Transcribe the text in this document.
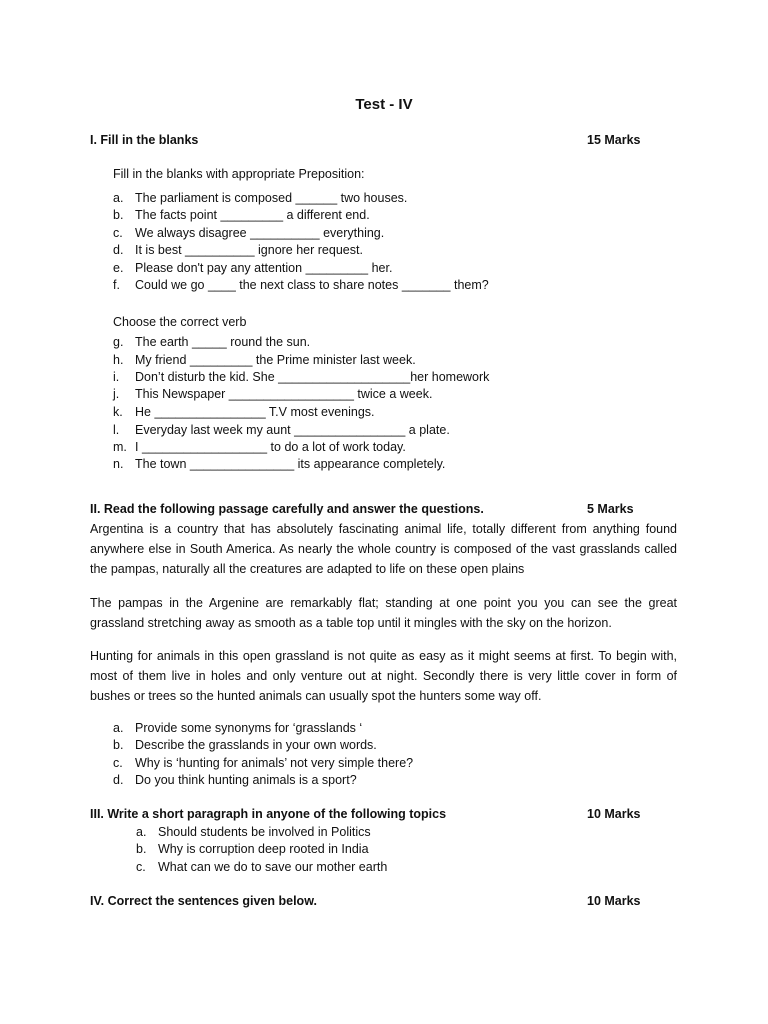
Test - IV
I. Fill in the blanks	15 Marks
Fill in the blanks with appropriate Preposition:
a. The parliament is composed ______ two houses.
b. The facts point _________ a different end.
c. We always disagree __________ everything.
d. It is best __________ ignore her request.
e. Please don't pay any attention _________ her.
f. Could we go ____ the next class to share notes _______ them?
Choose the correct verb
g. The earth _____ round the sun.
h. My friend _________ the Prime minister last week.
i. Don’t disturb the kid. She ___________________her homework
j. This Newspaper __________________ twice a week.
k. He ________________ T.V most evenings.
l. Everyday last week my aunt ________________ a plate.
m. I __________________ to do a lot of work today.
n. The town _______________ its appearance completely.
II. Read the following passage carefully and answer the questions.	5 Marks
Argentina is a country that has absolutely fascinating animal life, totally different from anything found anywhere else in South America. As nearly the whole country is composed of the vast grasslands called the pampas, naturally all the creatures are adapted to life on these open plains
The pampas in the Argenine are remarkably flat; standing at one point you you can see the great grassland stretching away as smooth as a table top until it mingles with the sky on the horizon.
Hunting for animals in this open grassland is not quite as easy as it might seems at first. To begin with, most of them live in holes and only venture out at night. Secondly there is very little cover in form of bushes or trees so the hunted animals can usually spot the hunters some way off.
a. Provide some synonyms for ‘grasslands ‘
b. Describe the grasslands in your own words.
c. Why is ‘hunting for animals’ not very simple there?
d. Do you think hunting animals is a sport?
III. Write a short paragraph in anyone of the following topics	10 Marks
a. Should students be involved in Politics
b. Why is corruption deep rooted in India
c. What can we do to save our mother earth
IV. Correct the sentences given below.	10 Marks
